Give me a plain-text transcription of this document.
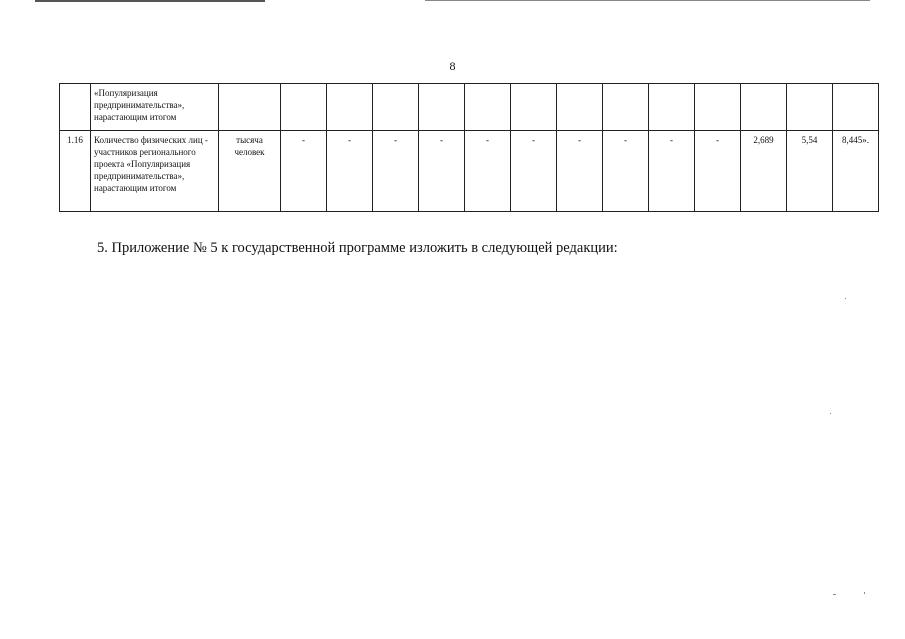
8
	«Популяризация предпринимательства», нарастающим итогом														
1.16	Количество физических лиц - участников регионального проекта «Популяризация предпринимательства», нарастающим итогом	тысяча человек	-	-	-	-	-	-	-	-	-	-	2,689	5,54	8,445».
5. Приложение № 5 к государственной программе изложить в следующей редакции:
